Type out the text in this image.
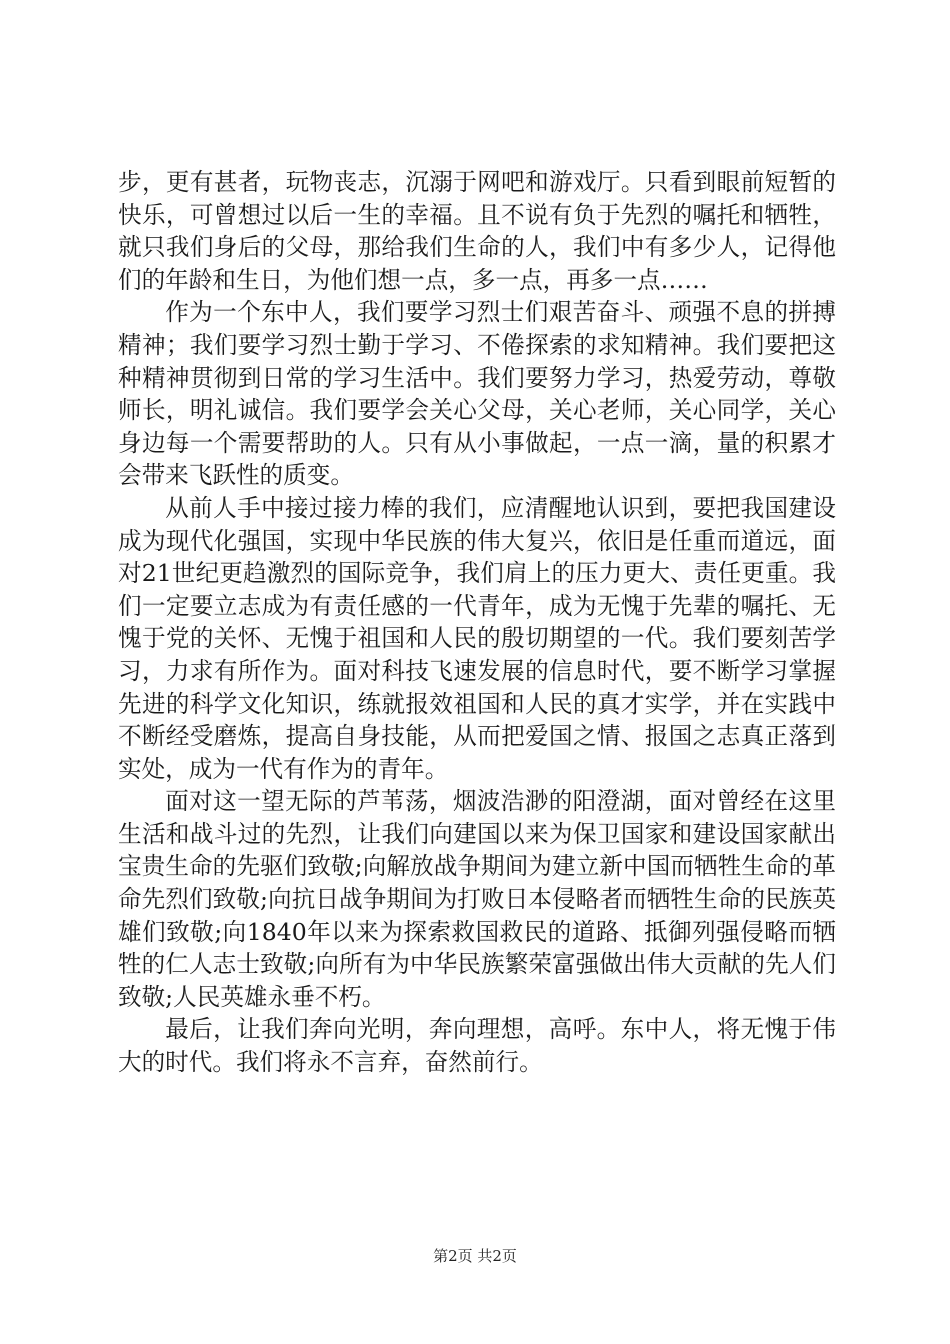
步，更有甚者，玩物丧志，沉溺于网吧和游戏厅。只看到眼前短暂的快乐，可曾想过以后一生的幸福。且不说有负于先烈的嘱托和牺牲，就只我们身后的父母，那给我们生命的人，我们中有多少人，记得他们的年龄和生日，为他们想一点，多一点，再多一点……

作为一个东中人，我们要学习烈士们艰苦奋斗、顽强不息的拼搏精神；我们要学习烈士勤于学习、不倦探索的求知精神。我们要把这种精神贯彻到日常的学习生活中。我们要努力学习，热爱劳动，尊敬师长，明礼诚信。我们要学会关心父母，关心老师，关心同学，关心身边每一个需要帮助的人。只有从小事做起，一点一滴，量的积累才会带来飞跃性的质变。

从前人手中接过接力棒的我们，应清醒地认识到，要把我国建设成为现代化强国，实现中华民族的伟大复兴，依旧是任重而道远，面对21世纪更趋激烈的国际竞争，我们肩上的压力更大、责任更重。我们一定要立志成为有责任感的一代青年，成为无愧于先辈的嘱托、无愧于党的关怀、无愧于祖国和人民的殷切期望的一代。我们要刻苦学习，力求有所作为。面对科技飞速发展的信息时代，要不断学习掌握先进的科学文化知识，练就报效祖国和人民的真才实学，并在实践中不断经受磨炼，提高自身技能，从而把爱国之情、报国之志真正落到实处，成为一代有作为的青年。

面对这一望无际的芦苇荡，烟波浩渺的阳澄湖，面对曾经在这里生活和战斗过的先烈，让我们向建国以来为保卫国家和建设国家献出宝贵生命的先驱们致敬;向解放战争期间为建立新中国而牺牲生命的革命先烈们致敬;向抗日战争期间为打败日本侵略者而牺牲生命的民族英雄们致敬;向1840年以来为探索救国救民的道路、抵御列强侵略而牺牲的仁人志士致敬;向所有为中华民族繁荣富强做出伟大贡献的先人们致敬;人民英雄永垂不朽。

最后，让我们奔向光明，奔向理想，高呼。东中人，将无愧于伟大的时代。我们将永不言弃，奋然前行。

第2页 共2页
